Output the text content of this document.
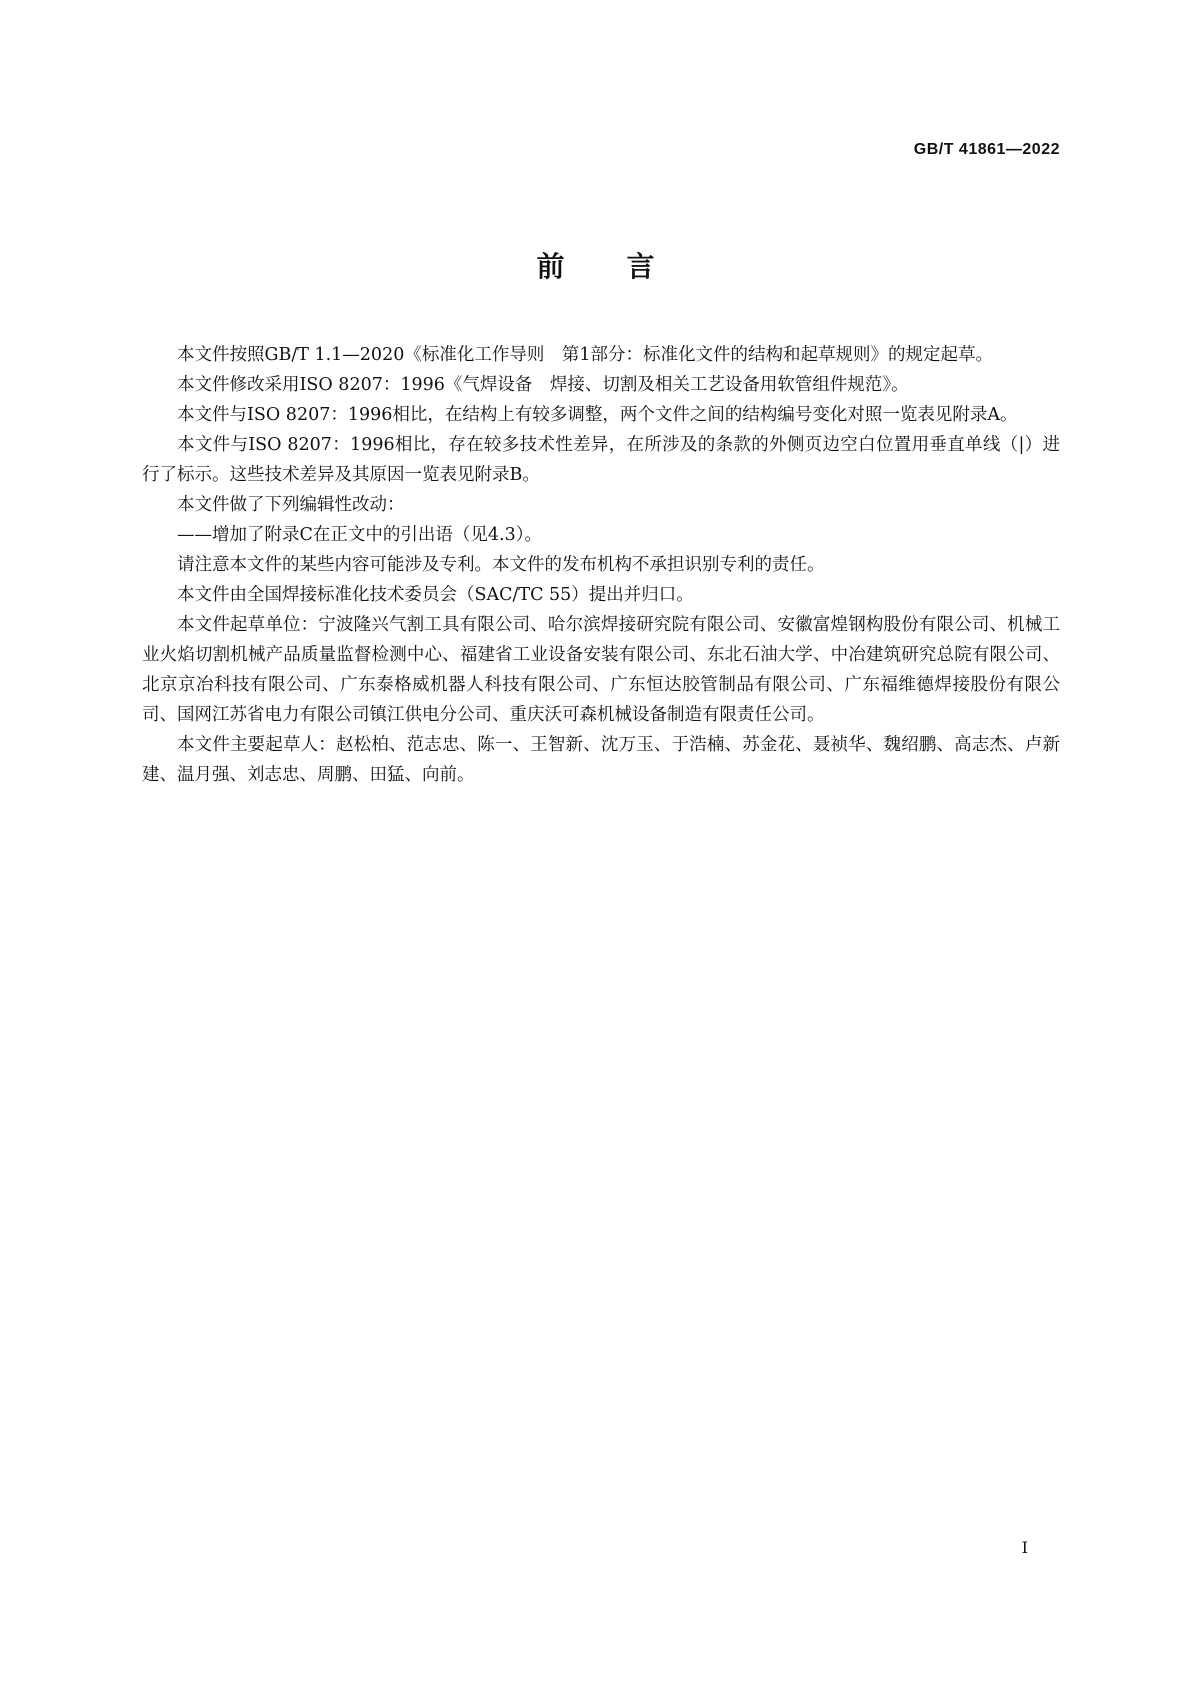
GB/T 41861—2022
前言

本文件按照GB/T 1.1—2020《标准化工作导则　第1部分：标准化文件的结构和起草规则》的规定起草。

本文件修改采用ISO 8207：1996《气焊设备　焊接、切割及相关工艺设备用软管组件规范》。

本文件与ISO 8207：1996相比，在结构上有较多调整，两个文件之间的结构编号变化对照一览表见附录A。

本文件与ISO 8207：1996相比，存在较多技术性差异，在所涉及的条款的外侧页边空白位置用垂直单线（|）进行了标示。这些技术差异及其原因一览表见附录B。

本文件做了下列编辑性改动：

——增加了附录C在正文中的引出语（见4.3）。

请注意本文件的某些内容可能涉及专利。本文件的发布机构不承担识别专利的责任。

本文件由全国焊接标准化技术委员会（SAC/TC 55）提出并归口。

本文件起草单位：宁波隆兴气割工具有限公司、哈尔滨焊接研究院有限公司、安徽富煌钢构股份有限公司、机械工业火焰切割机械产品质量监督检测中心、福建省工业设备安装有限公司、东北石油大学、中冶建筑研究总院有限公司、北京京冶科技有限公司、广东泰格威机器人科技有限公司、广东恒达胶管制品有限公司、广东福维德焊接股份有限公司、国网江苏省电力有限公司镇江供电分公司、重庆沃可森机械设备制造有限责任公司。

本文件主要起草人：赵松柏、范志忠、陈一、王智新、沈万玉、于浩楠、苏金花、聂祯华、魏绍鹏、高志杰、卢新建、温月强、刘志忠、周鹏、田猛、向前。

I
